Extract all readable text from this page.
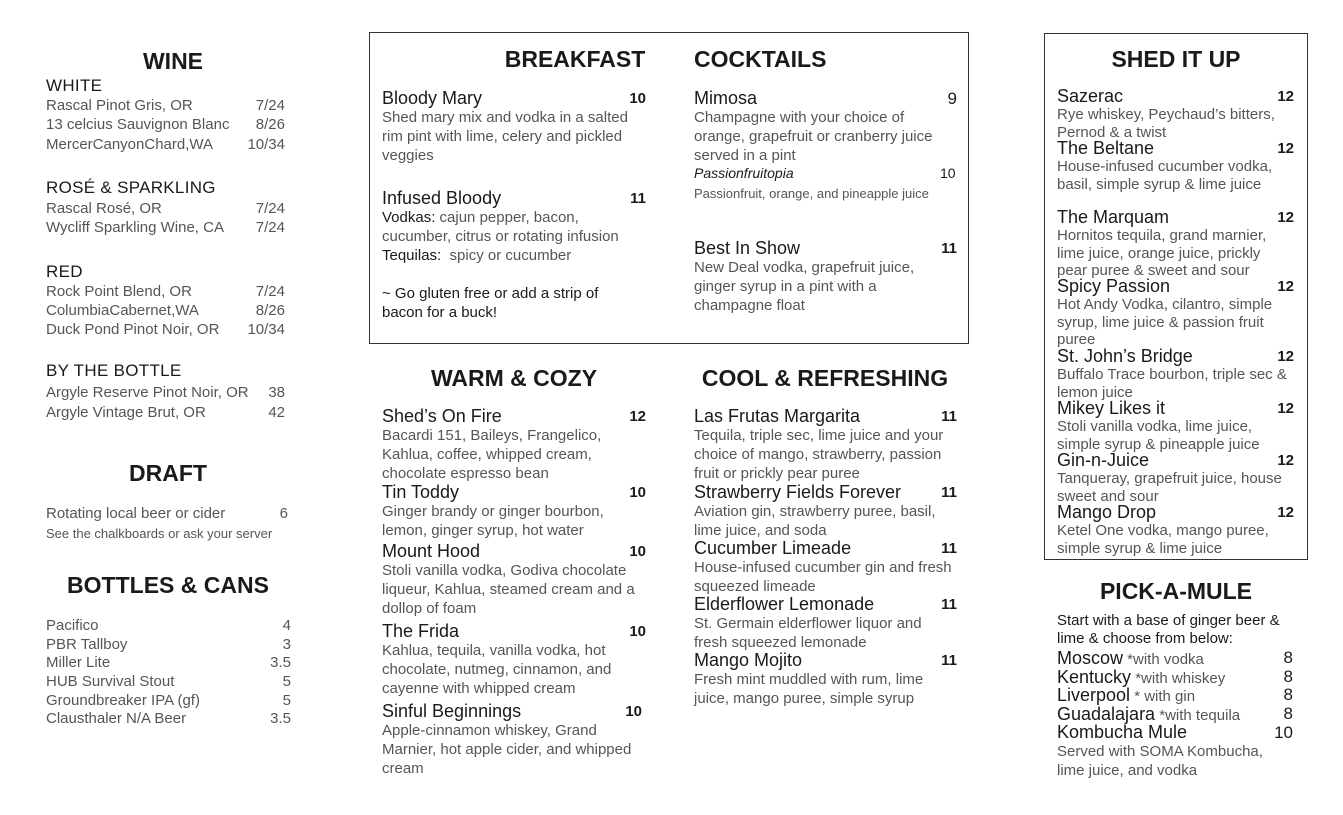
WINE
WHITE
Rascal Pinot Gris, OR	7/24
13 celcius Sauvignon Blanc 8/26
MercerCanyonChard,WA 10/34
ROSÉ & SPARKLING
Rascal Rosé, OR	7/24
Wycliff Sparkling Wine, CA 7/24
RED
Rock Point Blend, OR	7/24
ColumbiaCabernet,WA	8/26
Duck Pond Pinot Noir, OR 10/34
BY THE BOTTLE
Argyle Reserve Pinot Noir, OR 38
Argyle Vintage Brut, OR	42
DRAFT
Rotating local beer or cider	6
See the chalkboards or ask your server
BOTTLES & CANS
Pacifico	4
PBR Tallboy	3
Miller Lite	3.5
HUB Survival Stout	5
Groundbreaker IPA (gf)	5
Clausthaler N/A Beer	3.5
BREAKFAST	COCKTAILS
Bloody Mary	10
Shed mary mix and vodka in a salted rim pint with lime, celery and pickled veggies
Infused Bloody	11
Vodkas: cajun pepper, bacon, cucumber, citrus or rotating infusion
Tequilas:  spicy or cucumber
~ Go gluten free or add a strip of bacon for a buck!
Mimosa	9
Champagne with your choice of orange, grapefruit or cranberry juice served in a pint
Passionfruitopia	10
Passionfruit, orange, and pineapple juice
Best In Show	11
New Deal vodka, grapefruit juice, ginger syrup in a pint with a champagne float
WARM & COZY
Shed’s On Fire	12
Bacardi 151, Baileys, Frangelico, Kahlua, coffee, whipped cream, chocolate espresso bean
Tin Toddy	10
Ginger brandy or ginger bourbon, lemon, ginger syrup, hot water
Mount Hood	10
Stoli vanilla vodka, Godiva chocolate liqueur, Kahlua, steamed cream and a dollop of foam
The Frida	10
Kahlua, tequila, vanilla vodka, hot chocolate, nutmeg, cinnamon, and cayenne with whipped cream
Sinful Beginnings	10
Apple-cinnamon whiskey, Grand Marnier, hot apple cider, and whipped cream
COOL & REFRESHING
Las Frutas Margarita	11
Tequila, triple sec, lime juice and your choice of mango, strawberry, passion fruit or prickly pear puree
Strawberry Fields Forever	11
Aviation gin, strawberry puree, basil, lime juice, and soda
Cucumber Limeade	11
House-infused cucumber gin and fresh squeezed limeade
Elderflower Lemonade	11
St. Germain elderflower liquor and fresh squeezed lemonade
Mango Mojito	11
Fresh mint muddled with rum, lime juice, mango puree, simple syrup
SHED IT UP
Sazerac	12
Rye whiskey, Peychaud’s bitters, Pernod & a twist
The Beltane	12
House-infused cucumber vodka, basil, simple syrup & lime juice
The Marquam	12
Hornitos tequila, grand marnier, lime juice, orange juice, prickly pear puree & sweet and sour
Spicy Passion	12
Hot Andy Vodka, cilantro, simple syrup, lime juice & passion fruit puree
St. John’s Bridge	12
Buffalo Trace bourbon, triple sec & lemon juice
Mikey Likes it	12
Stoli vanilla vodka, lime juice, simple syrup & pineapple juice
Gin-n-Juice	12
Tanqueray, grapefruit juice, house sweet and sour
Mango Drop	12
Ketel One vodka, mango puree, simple syrup & lime juice
PICK-A-MULE
Start with a base of ginger beer & lime & choose from below:
Moscow *with vodka	8
Kentucky *with whiskey	8
Liverpool * with gin	8
Guadalajara *with tequila	8
Kombucha Mule	10
Served with SOMA Kombucha, lime juice, and vodka
